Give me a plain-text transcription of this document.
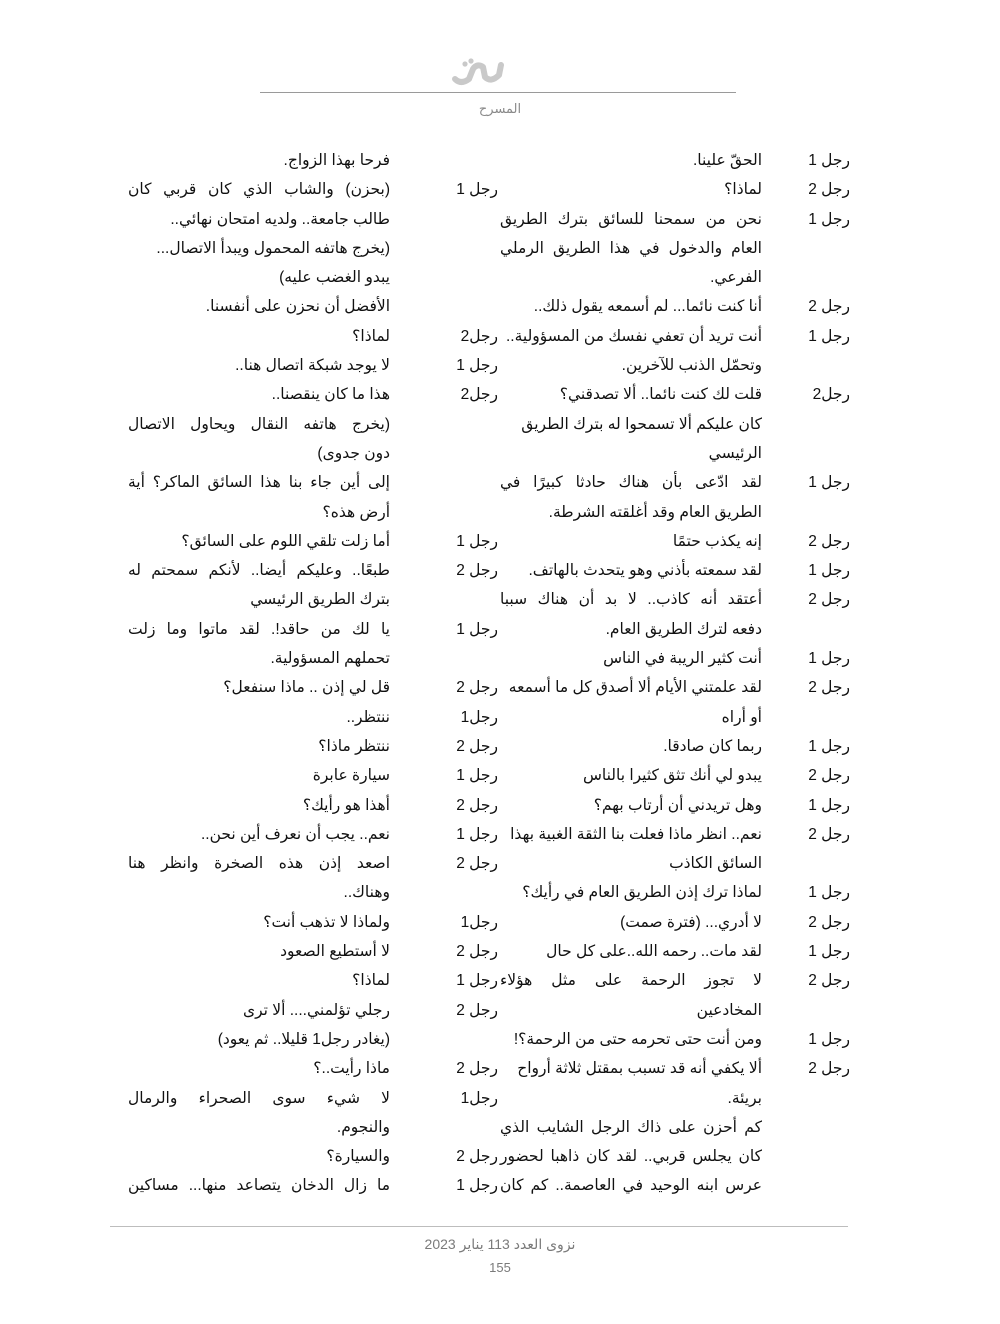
المسرح
رجل 1
الحقّ علينا.
رجل 2
لماذا؟
رجل 1
نحن من سمحنا للسائق بترك الطريق
العام والدخول في هذا الطريق الرملي
الفرعي.
رجل 2
أنا كنت نائما... لم أسمعه يقول ذلك..
رجل 1
أنت تريد أن تعفي نفسك من المسؤولية..
وتحمّل الذنب للآخرين.
رجل2
قلت لك كنت نائما.. ألا تصدقني؟
كان عليكم ألا تسمحوا له بترك الطريق
الرئيسي
رجل 1
لقد ادّعى بأن هناك حادثا كبيرًا في
الطريق العام وقد أغلقته الشرطة.
رجل 2
إنه يكذب حتمًا
رجل 1
لقد سمعته بأذني وهو يتحدث بالهاتف.
رجل 2
أعتقد أنه كاذب.. لا بد أن هناك سببا
دفعه لترك الطريق العام.
رجل 1
أنت كثير الريبة في الناس
رجل 2
لقد علمتني الأيام ألا أصدق كل ما أسمعه
أو أراه
رجل 1
ربما كان صادقا.
رجل 2
يبدو لي أنك تثق كثيرا بالناس
رجل 1
وهل تريدني أن أرتاب بهم؟
رجل 2
نعم.. انظر ماذا فعلت بنا الثقة الغبية بهذا
السائق الكاذب
رجل 1
لماذا ترك إذن الطريق العام في رأيك؟
رجل 2
لا أدري... (فترة صمت)
رجل 1
لقد مات.. رحمه الله..على كل حال
رجل 2
لا تجوز الرحمة على مثل هؤلاء
المخادعين
رجل 1
ومن أنت حتى تحرمه حتى من الرحمة؟!
رجل 2
ألا يكفي أنه قد تسبب بمقتل ثلاثة أرواح
بريئة.
كم أحزن على ذاك الرجل الشايب الذي
كان يجلس قربي.. لقد كان ذاهبا لحضور
عرس ابنه الوحيد في العاصمة.. كم كان
فرحا بهذا الزواج.
رجل 1
(بحزن) والشاب الذي كان قربي كان
طالب جامعة.. ولديه امتحان نهائي..
(يخرج هاتفه المحمول ويبدأ الاتصال...
يبدو الغضب عليه)
الأفضل أن نحزن على أنفسنا.
رجل2
لماذا؟
رجل 1
لا يوجد شبكة اتصال هنا..
رجل2
هذا ما كان ينقصنا..
(يخرج هاتفه النقال ويحاول الاتصال
دون جدوى)
إلى أين جاء بنا هذا السائق الماكر؟ أية
أرض هذه؟
رجل 1
أما زلت تلقي اللوم على السائق؟
رجل 2
طبعًا.. وعليكم أيضا.. لأنكم سمحتم له
بترك الطريق الرئيسي
رجل 1
يا لك من حاقد!. لقد ماتوا وما زلت
تحملهم المسؤولية.
رجل 2
قل لي إذن .. ماذا سنفعل؟
رجل1
ننتظر..
رجل 2
ننتظر ماذا؟
رجل 1
سيارة عابرة
رجل 2
أهذا هو رأيك؟
رجل 1
نعم.. يجب أن نعرف أين نحن..
رجل 2
اصعد إذن هذه الصخرة وانظر هنا
وهناك..
رجل1
ولماذا لا تذهب أنت؟
رجل 2
لا أستطيع الصعود
رجل 1
لماذا؟
رجل 2
رجلي تؤلمني.... ألا ترى
(يغادر رجل1 قليلا.. ثم يعود)
رجل 2
ماذا رأيت..؟
رجل1
لا شيء سوى الصحراء والرمال
والنجوم.
رجل 2
والسيارة؟
رجل 1
ما زال الدخان يتصاعد منها... مساكين
نزوى العدد 113 يناير 2023
155
